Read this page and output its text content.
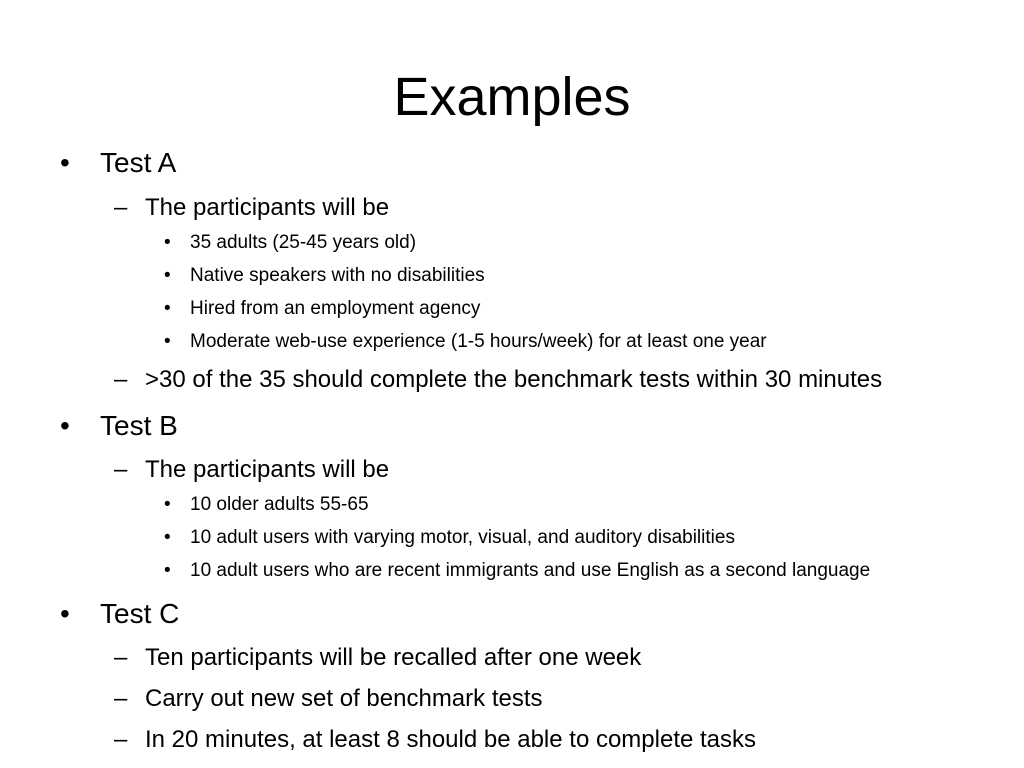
Examples
• Test A
– The participants will be
• 35 adults (25-45 years old)
• Native speakers with no disabilities
• Hired from an employment agency
• Moderate web-use experience (1-5 hours/week) for at least one year
– >30 of the 35 should complete the benchmark tests within 30 minutes
• Test B
– The participants will be
• 10 older adults 55-65
• 10 adult users with varying motor, visual, and auditory disabilities
• 10 adult users who are recent immigrants and use English as a second language
• Test C
– Ten participants will be recalled after one week
– Carry out new set of benchmark tests
– In 20 minutes, at least 8 should be able to complete tasks
